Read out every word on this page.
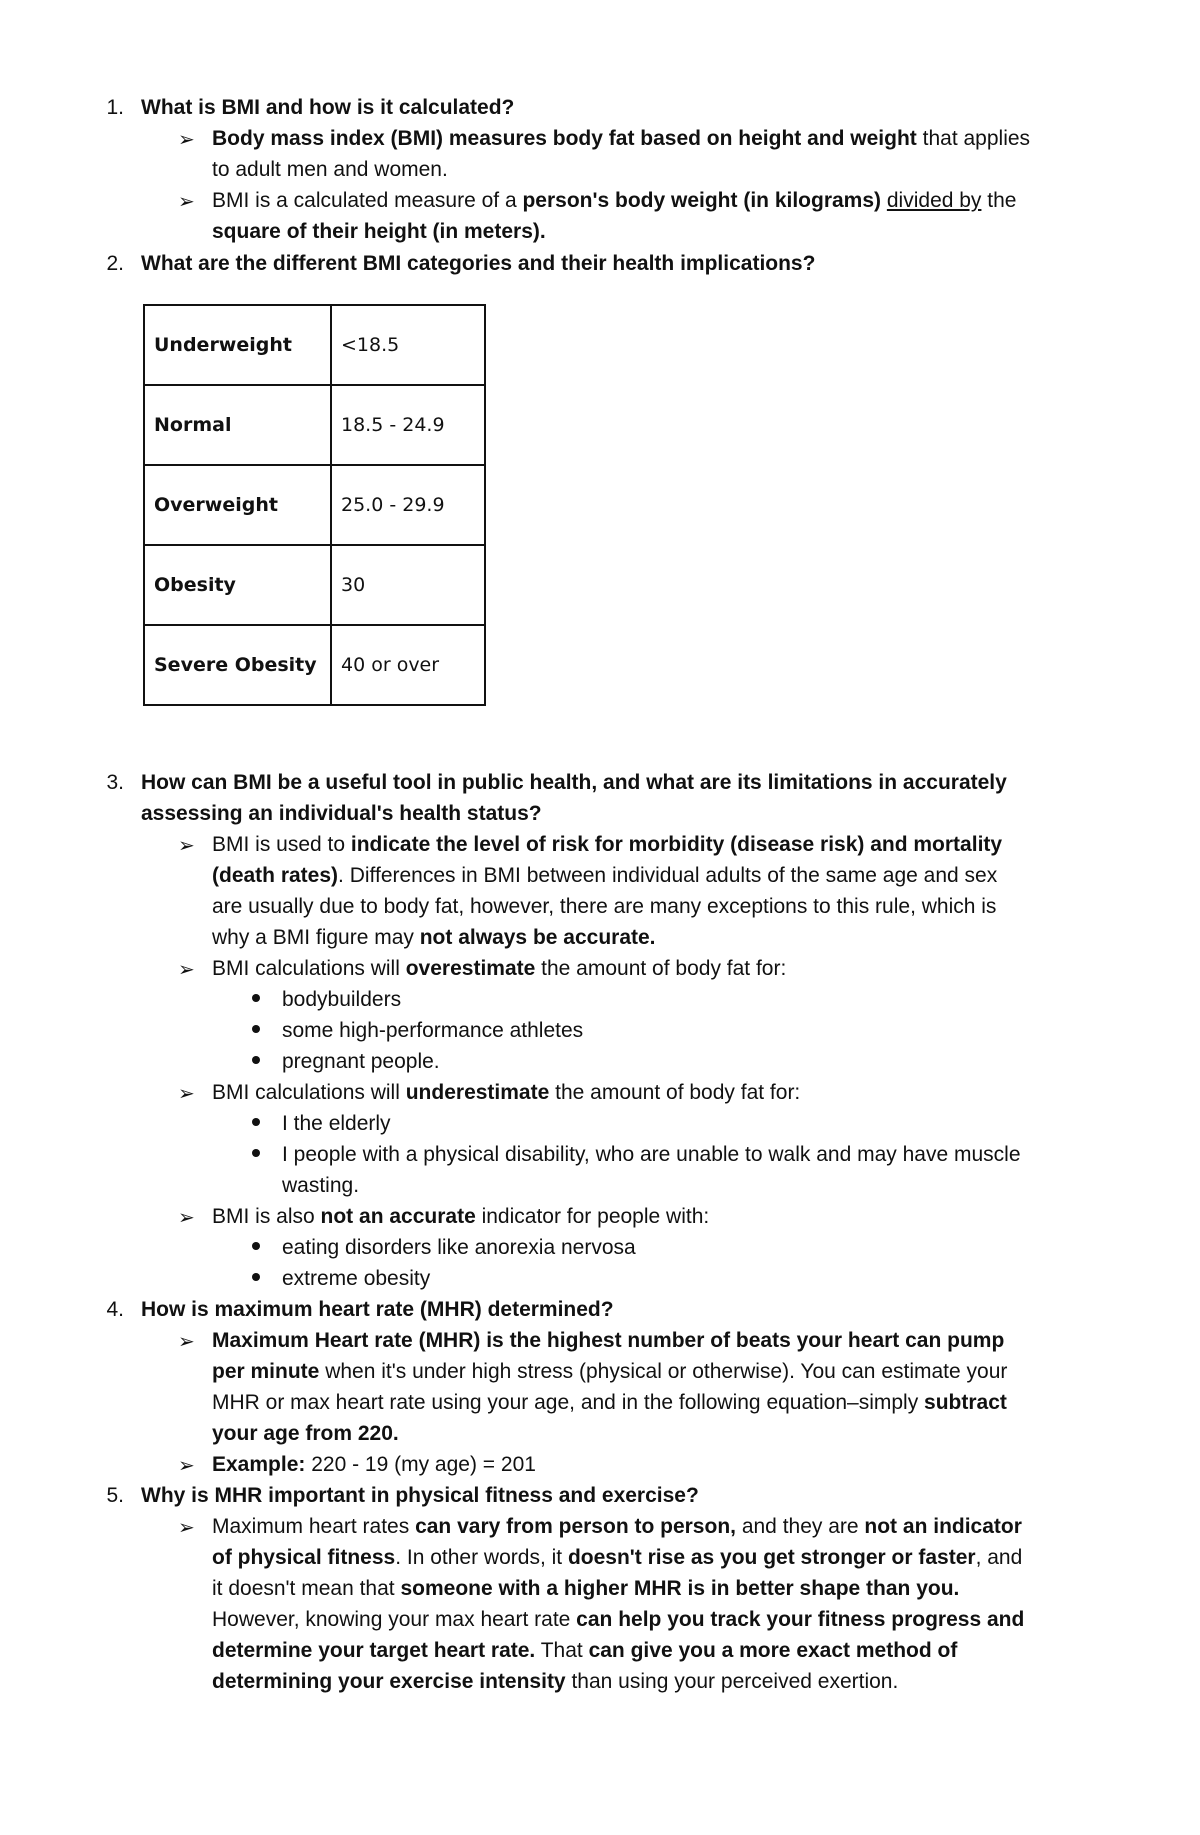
1. What is BMI and how is it calculated?
➢ Body mass index (BMI) measures body fat based on height and weight that applies
to adult men and women.
➢ BMI is a calculated measure of a person's body weight (in kilograms) divided by the
square of their height (in meters).
2. What are the different BMI categories and their health implications?
Underweight	<18.5
Normal	18.5 - 24.9
Overweight	25.0 - 29.9
Obesity	30
Severe Obesity	40 or over
3. How can BMI be a useful tool in public health, and what are its limitations in accurately
assessing an individual's health status?
➢ BMI is used to indicate the level of risk for morbidity (disease risk) and mortality
(death rates). Differences in BMI between individual adults of the same age and sex
are usually due to body fat, however, there are many exceptions to this rule, which is
why a BMI figure may not always be accurate.
➢ BMI calculations will overestimate the amount of body fat for:
bodybuilders
some high-performance athletes
pregnant people.
➢ BMI calculations will underestimate the amount of body fat for:
I the elderly
I people with a physical disability, who are unable to walk and may have muscle
wasting.
➢ BMI is also not an accurate indicator for people with:
eating disorders like anorexia nervosa
extreme obesity
4. How is maximum heart rate (MHR) determined?
➢ Maximum Heart rate (MHR) is the highest number of beats your heart can pump
per minute when it's under high stress (physical or otherwise). You can estimate your
MHR or max heart rate using your age, and in the following equation–simply subtract
your age from 220.
➢ Example: 220 - 19 (my age) = 201
5. Why is MHR important in physical fitness and exercise?
➢ Maximum heart rates can vary from person to person, and they are not an indicator
of physical fitness. In other words, it doesn't rise as you get stronger or faster, and
it doesn't mean that someone with a higher MHR is in better shape than you.
However, knowing your max heart rate can help you track your fitness progress and
determine your target heart rate. That can give you a more exact method of
determining your exercise intensity than using your perceived exertion.
